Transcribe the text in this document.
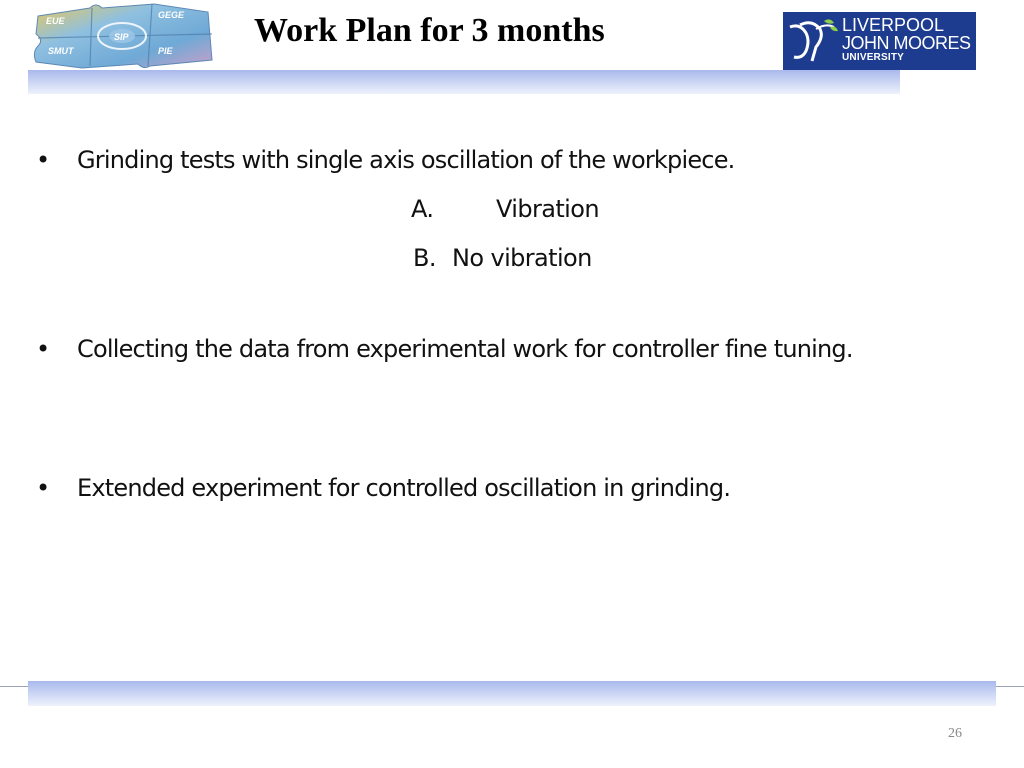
EUE
GEGE
SMUT
SIP
PIE
Work Plan for 3 months	LIVERPOOL
JOHN MOORES
UNIVERSITY
• Grinding tests with single axis oscillation of the workpiece.
A.	Vibration
B. No vibration
• Collecting the data from experimental work for controller fine tuning.
• Extended experiment for controlled oscillation in grinding.
26
